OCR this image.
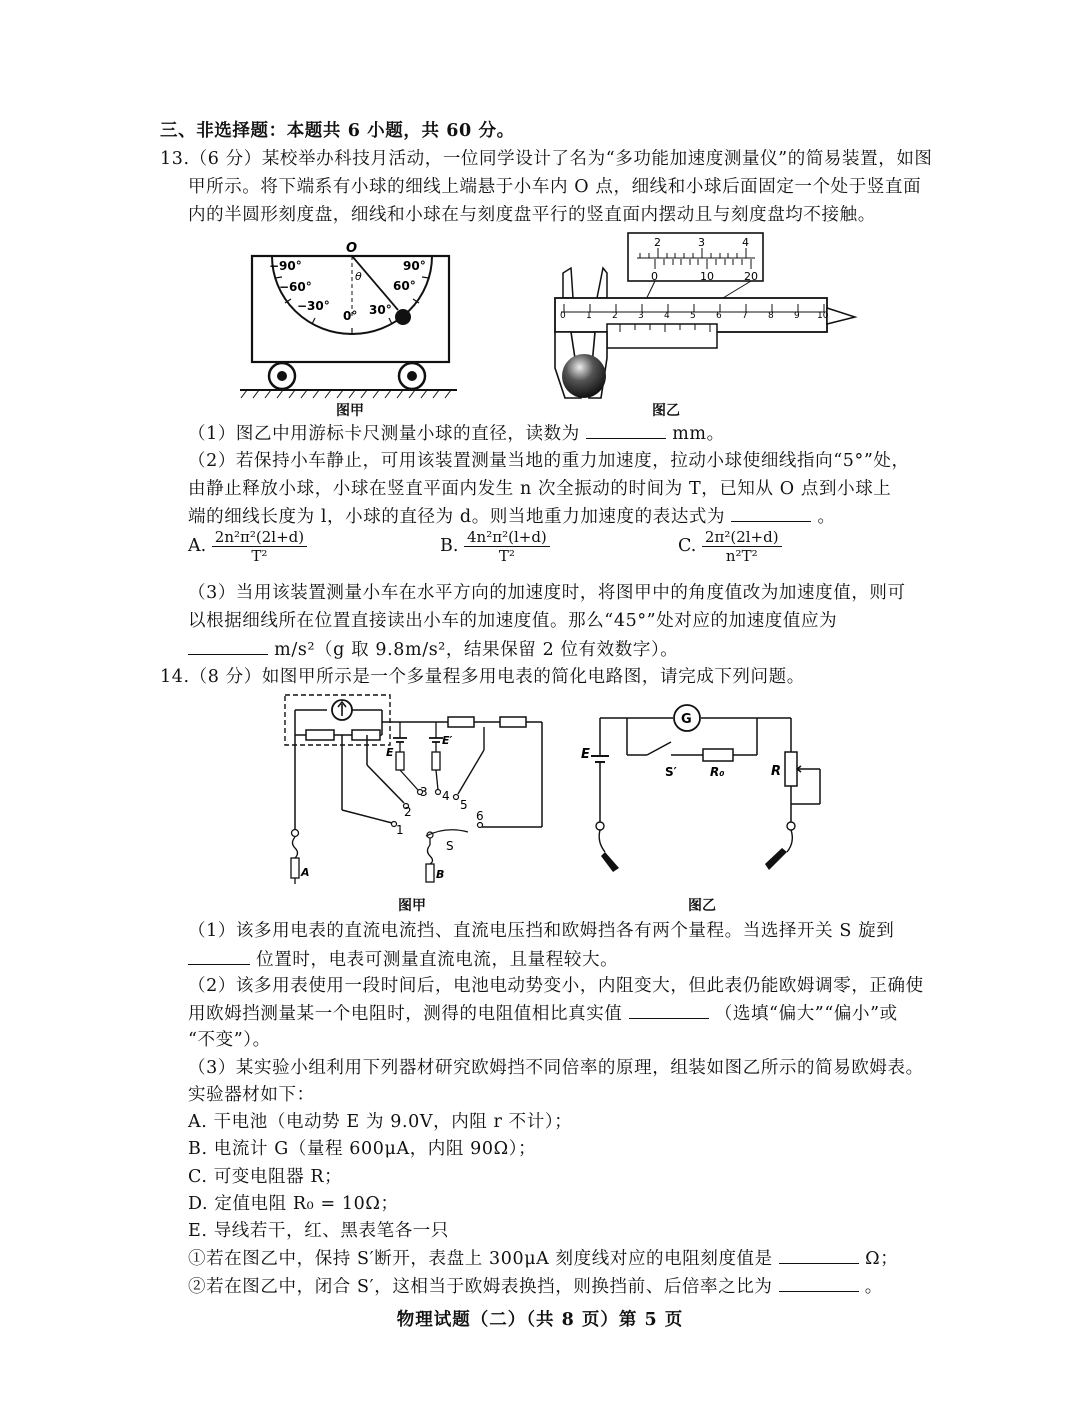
三、非选择题：本题共 6 小题，共 60 分。
13.（6 分）某校举办科技月活动，一位同学设计了名为“多功能加速度测量仪”的简易装置，如图
甲所示。将下端系有小球的细线上端悬于小车内 O 点，细线和小球后面固定一个处于竖直面
内的半圆形刻度盘，细线和小球在与刻度盘平行的竖直面内摆动且与刻度盘均不接触。
O
θ
−90°
−60°
−30°
0° 30°
60°
90°
图甲
2	3	4
0	10	20
0 1 2 3 4 5 6 7 8 9 10
图乙
（1）图乙中用游标卡尺测量小球的直径，读数为	mm。
（2）若保持小车静止，可用该装置测量当地的重力加速度，拉动小球使细线指向“5°”处，
由静止释放小球，小球在竖直平面内发生 n 次全振动的时间为 T，已知从 O 点到小球上
端的细线长度为 l，小球的直径为 d。则当地重力加速度的表达式为	。
A. $\frac{\text{2n²π²(2l+d)}}{\text{T²}}$	B. $\frac{\text{4n²π²(l+d)}}{\text{T²}}$	C. $\frac{\text{2π²(2l+d)}}{\text{n²T²}}$
（3）当用该装置测量小车在水平方向的加速度时，将图甲中的角度值改为加速度值，则可
以根据细线所在位置直接读出小车的加速度值。那么“45°”处对应的加速度值应为
m/s²（g 取 9.8m/s²，结果保留 2 位有效数字）。
14.（8 分）如图甲所示是一个多量程多用电表的简化电路图，请完成下列问题。
A
E
E′
1
2
3 4
5
6
S
B
图甲
G
S′	R₀
E
R
图乙
（1）该多用电表的直流电流挡、直流电压挡和欧姆挡各有两个量程。当选择开关 S 旋到
位置时，电表可测量直流电流，且量程较大。
（2）该多用表使用一段时间后，电池电动势变小，内阻变大，但此表仍能欧姆调零，正确使
用欧姆挡测量某一个电阻时，测得的电阻值相比真实值	（选填“偏大”“偏小”或
“不变”）。
（3）某实验小组利用下列器材研究欧姆挡不同倍率的原理，组装如图乙所示的简易欧姆表。
实验器材如下：
A. 干电池（电动势 E 为 9.0V，内阻 r 不计）；
B. 电流计 G（量程 600μA，内阻 90Ω）；
C. 可变电阻器 R；
D. 定值电阻 R₀ = 10Ω；
E. 导线若干，红、黑表笔各一只
①若在图乙中，保持 S′断开，表盘上 300μA 刻度线对应的电阻刻度值是	Ω；
②若在图乙中，闭合 S′，这相当于欧姆表换挡，则换挡前、后倍率之比为	。
物理试题（二）（共 8 页）第 5 页
